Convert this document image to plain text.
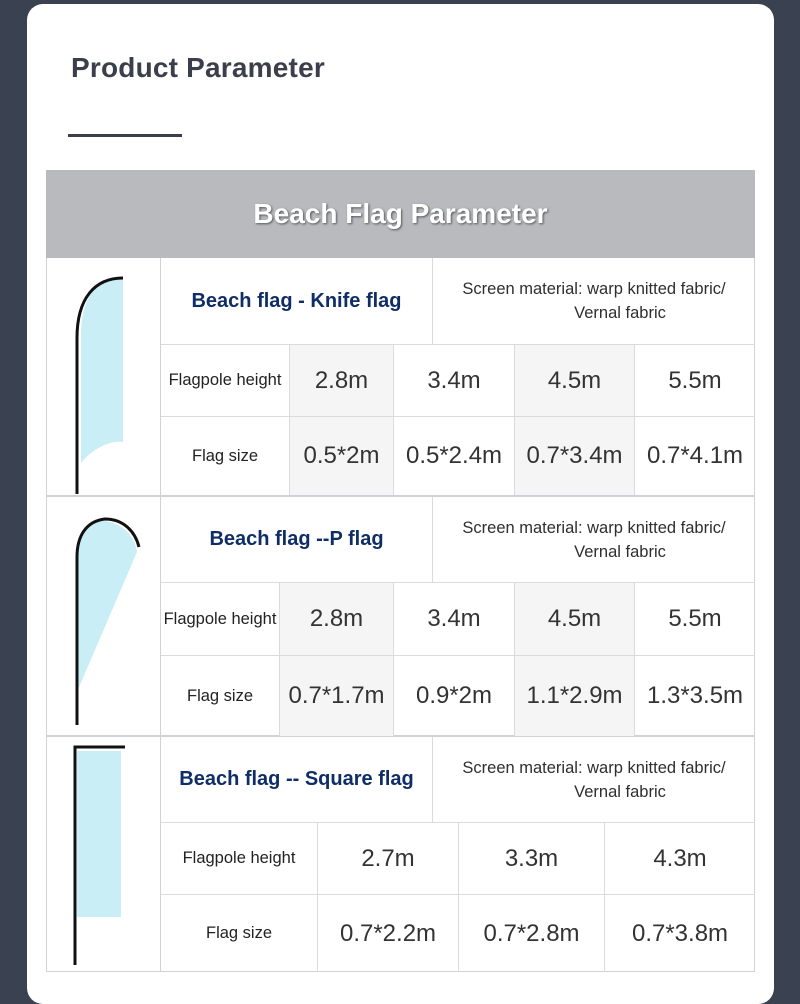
Product Parameter
Beach Flag Parameter
Beach flag - Knife flag
Screen material: warp knitted fabric/
Vernal fabric
Flagpole height	2.8m	3.4m	4.5m	5.5m
Flag size	0.5*2m	0.5*2.4m	0.7*3.4m	0.7*4.1m
Beach flag --P flag
Screen material: warp knitted fabric/
Vernal fabric
Flagpole height	2.8m	3.4m	4.5m	5.5m
Flag size	0.7*1.7m	0.9*2m	1.1*2.9m	1.3*3.5m
Beach flag -- Square flag
Screen material: warp knitted fabric/
Vernal fabric
Flagpole height	2.7m	3.3m	4.3m
Flag size	0.7*2.2m	0.7*2.8m	0.7*3.8m
